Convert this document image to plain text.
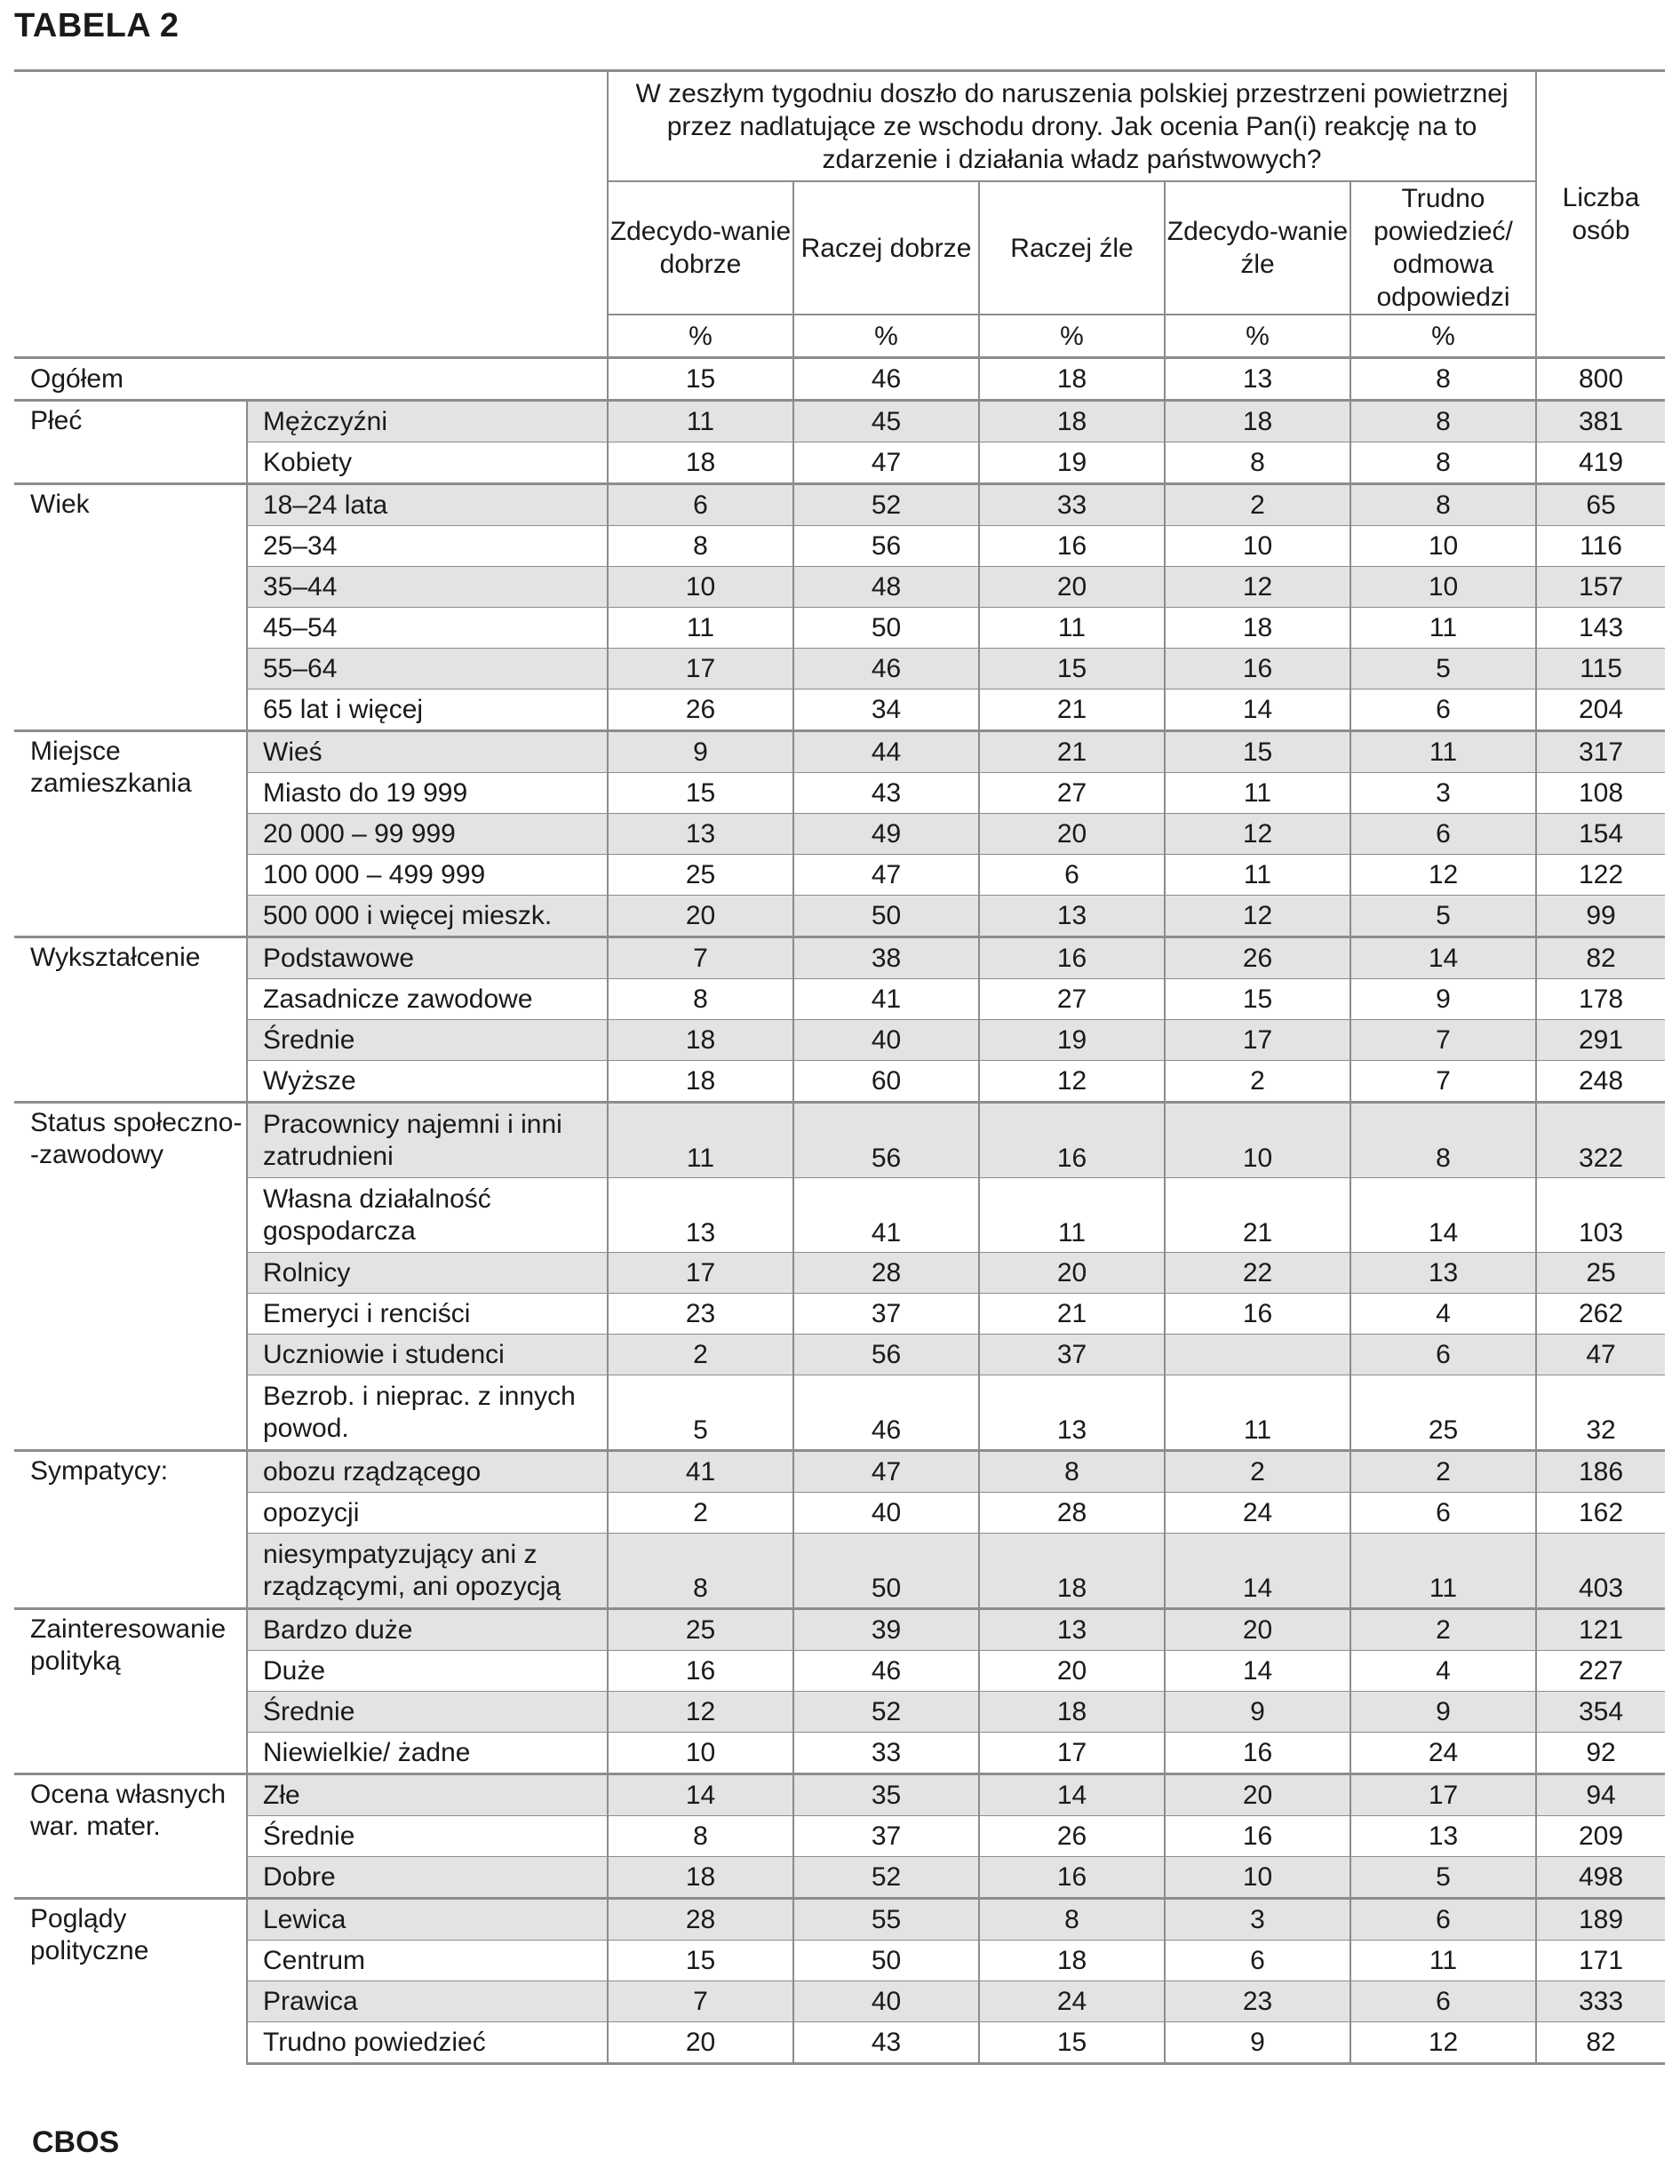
TABELA 2
		W zeszłym tygodniu doszło do naruszenia polskiej przestrzeni powietrznej przez nadlatujące ze wschodu drony. Jak ocenia Pan(i) reakcję na to zdarzenie i działania władz państwowych?					Liczba osób
		Zdecydo-wanie dobrze	Raczej dobrze	Raczej źle	Zdecydo-wanie źle	Trudno powiedzieć/ odmowa odpowiedzi	
		%	%	%	%	%	
Ogółem		15	46	18	13	8	800
Płeć	Mężczyźni	11	45	18	18	8	381
	Kobiety	18	47	19	8	8	419
Wiek	18–24 lata	6	52	33	2	8	65
	25–34	8	56	16	10	10	116
	35–44	10	48	20	12	10	157
	45–54	11	50	11	18	11	143
	55–64	17	46	15	16	5	115
	65 lat i więcej	26	34	21	14	6	204
Miejsce zamieszkania	Wieś	9	44	21	15	11	317
	Miasto do 19 999	15	43	27	11	3	108
	20 000 – 99 999	13	49	20	12	6	154
	100 000 – 499 999	25	47	6	11	12	122
	500 000 i więcej mieszk.	20	50	13	12	5	99
Wykształcenie	Podstawowe	7	38	16	26	14	82
	Zasadnicze zawodowe	8	41	27	15	9	178
	Średnie	18	40	19	17	7	291
	Wyższe	18	60	12	2	7	248
Status społeczno--zawodowy	Pracownicy najemni i inni zatrudnieni	11	56	16	10	8	322
	Własna działalność gospodarcza	13	41	11	21	14	103
	Rolnicy	17	28	20	22	13	25
	Emeryci i renciści	23	37	21	16	4	262
	Uczniowie i studenci	2	56	37		6	47
	Bezrob. i nieprac. z innych powod.	5	46	13	11	25	32
Sympatycy:	obozu rządzącego	41	47	8	2	2	186
	opozycji	2	40	28	24	6	162
	niesympatyzujący ani z rządzącymi, ani opozycją	8	50	18	14	11	403
Zainteresowanie polityką	Bardzo duże	25	39	13	20	2	121
	Duże	16	46	20	14	4	227
	Średnie	12	52	18	9	9	354
	Niewielkie/ żadne	10	33	17	16	24	92
Ocena własnych war. mater.	Złe	14	35	14	20	17	94
	Średnie	8	37	26	16	13	209
	Dobre	18	52	16	10	5	498
Poglądy polityczne	Lewica	28	55	8	3	6	189
	Centrum	15	50	18	6	11	171
	Prawica	7	40	24	23	6	333
	Trudno powiedzieć	20	43	15	9	12	82
CBOS
